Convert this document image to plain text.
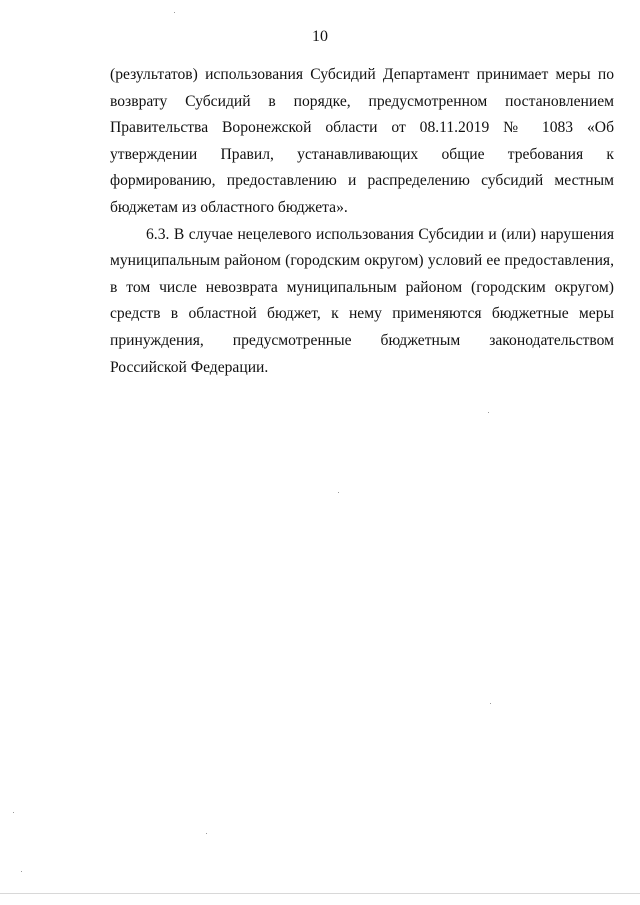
10

(результатов) использования Субсидий Департамент принимает меры по возврату Субсидий в порядке, предусмотренном постановлением Правительства Воронежской области от 08.11.2019 № 1083 «Об утверждении Правил, устанавливающих общие требования к формированию, предоставлению и распределению субсидий местным бюджетам из областного бюджета».

6.3. В случае нецелевого использования Субсидии и (или) нарушения муниципальным районом (городским округом) условий ее предоставления, в том числе невозврата муниципальным районом (городским округом) средств в областной бюджет, к нему применяются бюджетные меры принуждения, предусмотренные бюджетным законодательством Российской Федерации.
